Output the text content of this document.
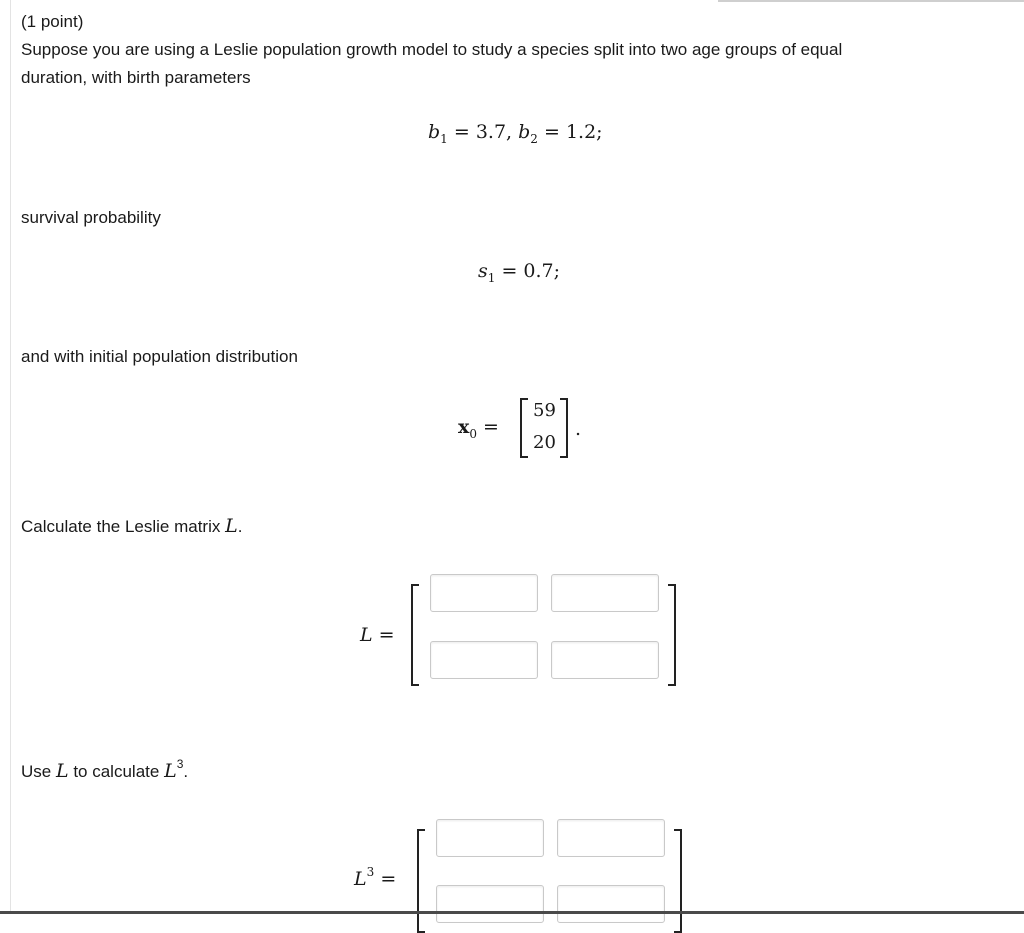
(1 point)
Suppose you are using a Leslie population growth model to study a species split into two age groups of equal
duration, with birth parameters
$b_1 = 3.7$, $b_2 = 1.2$;
survival probability
$s_1 = 0.7$;
and with initial population distribution
$x_0$ =
59
20
.
Calculate the Leslie matrix L.
L =
Use L to calculate $L^3$.
$L^3$ =
